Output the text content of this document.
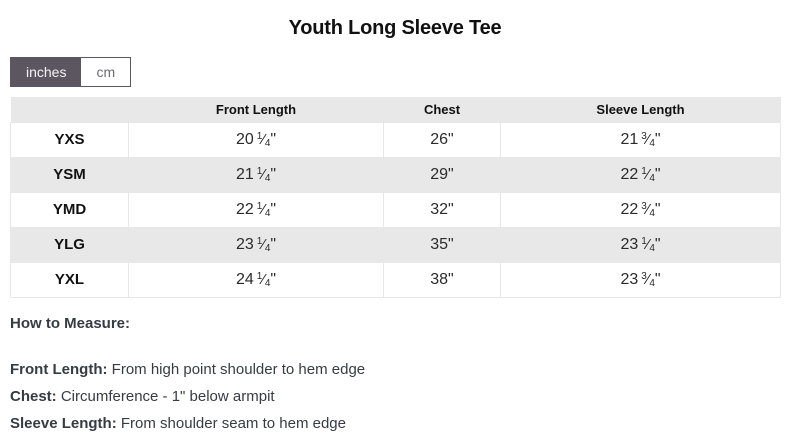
Youth Long Sleeve Tee
inches	cm
	Front Length	Chest	Sleeve Length
YXS	20 $^1$⁄4"	26"	21 $^3$⁄4"
YSM	21 $^1$⁄4"	29"	22 $^1$⁄4"
YMD	22 $^1$⁄4"	32"	22 $^3$⁄4"
YLG	23 $^1$⁄4"	35"	23 $^1$⁄4"
YXL	24 $^1$⁄4"	38"	23 $^3$⁄4"

How to Measure:

Front Length: From high point shoulder to hem edge

Chest: Circumference - 1" below armpit

Sleeve Length: From shoulder seam to hem edge
